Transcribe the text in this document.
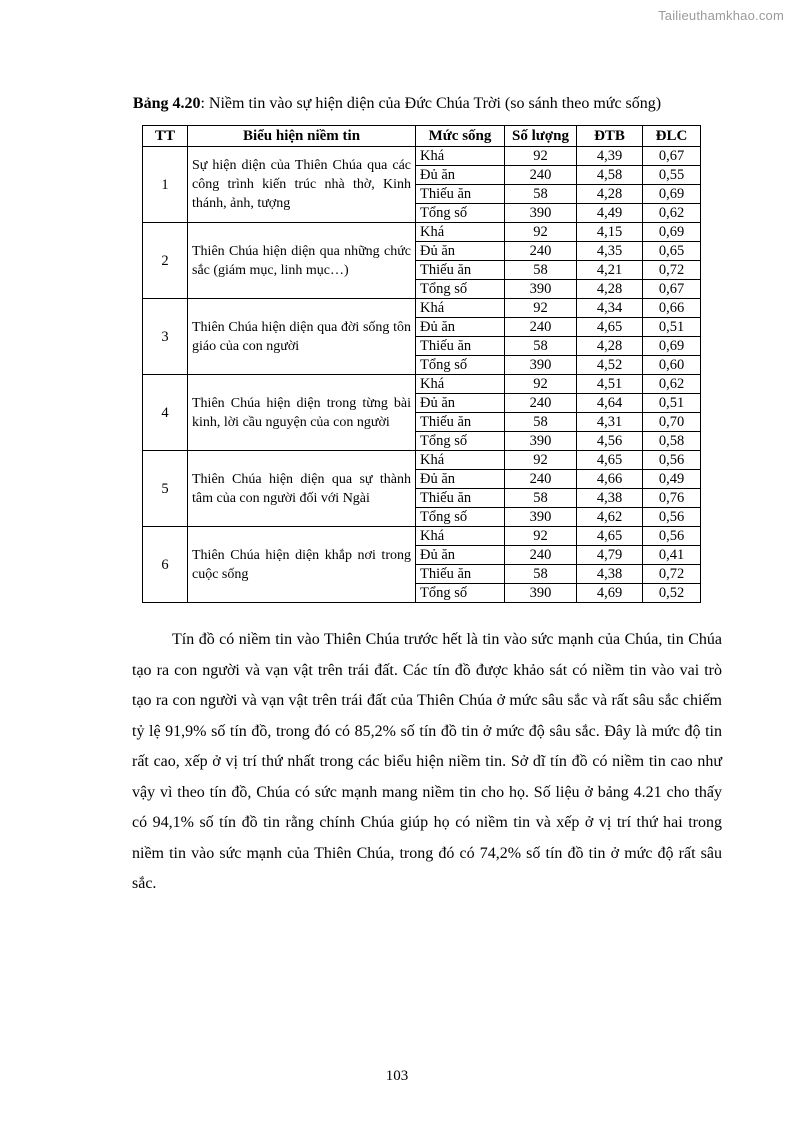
Tailieuthamkhao.com
Bảng 4.20: Niềm tin vào sự hiện diện của Đức Chúa Trời (so sánh theo mức sống)
TT	Biểu hiện niềm tin	Mức sống	Số lượng	ĐTB	ĐLC
1	Sự hiện diện của Thiên Chúa qua các công trình kiến trúc nhà thờ, Kinh thánh, ảnh, tượng	Khá	92	4,39	0,67
		Đủ ăn	240	4,58	0,55
		Thiếu ăn	58	4,28	0,69
		Tổng số	390	4,49	0,62
2	Thiên Chúa hiện diện qua những chức sắc (giám mục, linh mục…)	Khá	92	4,15	0,69
		Đủ ăn	240	4,35	0,65
		Thiếu ăn	58	4,21	0,72
		Tổng số	390	4,28	0,67
3	Thiên Chúa hiện diện qua đời sống tôn giáo của con người	Khá	92	4,34	0,66
		Đủ ăn	240	4,65	0,51
		Thiếu ăn	58	4,28	0,69
		Tổng số	390	4,52	0,60
4	Thiên Chúa hiện diện trong từng bài kinh, lời cầu nguyện của con người	Khá	92	4,51	0,62
		Đủ ăn	240	4,64	0,51
		Thiếu ăn	58	4,31	0,70
		Tổng số	390	4,56	0,58
5	Thiên Chúa hiện diện qua sự thành tâm của con người đối với Ngài	Khá	92	4,65	0,56
		Đủ ăn	240	4,66	0,49
		Thiếu ăn	58	4,38	0,76
		Tổng số	390	4,62	0,56
6	Thiên Chúa hiện diện khắp nơi trong cuộc sống	Khá	92	4,65	0,56
		Đủ ăn	240	4,79	0,41
		Thiếu ăn	58	4,38	0,72
		Tổng số	390	4,69	0,52

Tín đồ có niềm tin vào Thiên Chúa trước hết là tin vào sức mạnh của Chúa, tin Chúa tạo ra con người và vạn vật trên trái đất. Các tín đồ được khảo sát có niềm tin vào vai trò tạo ra con người và vạn vật trên trái đất của Thiên Chúa ở mức sâu sắc và rất sâu sắc chiếm tỷ lệ 91,9% số tín đồ, trong đó có 85,2% số tín đồ tin ở mức độ sâu sắc. Đây là mức độ tin rất cao, xếp ở vị trí thứ nhất trong các biểu hiện niềm tin. Sở dĩ tín đồ có niềm tin cao như vậy vì theo tín đồ, Chúa có sức mạnh mang niềm tin cho họ. Số liệu ở bảng 4.21 cho thấy có 94,1% số tín đồ tin rằng chính Chúa giúp họ có niềm tin và xếp ở vị trí thứ hai trong niềm tin vào sức mạnh của Thiên Chúa, trong đó có 74,2% số tín đồ tin ở mức độ rất sâu sắc.

103
